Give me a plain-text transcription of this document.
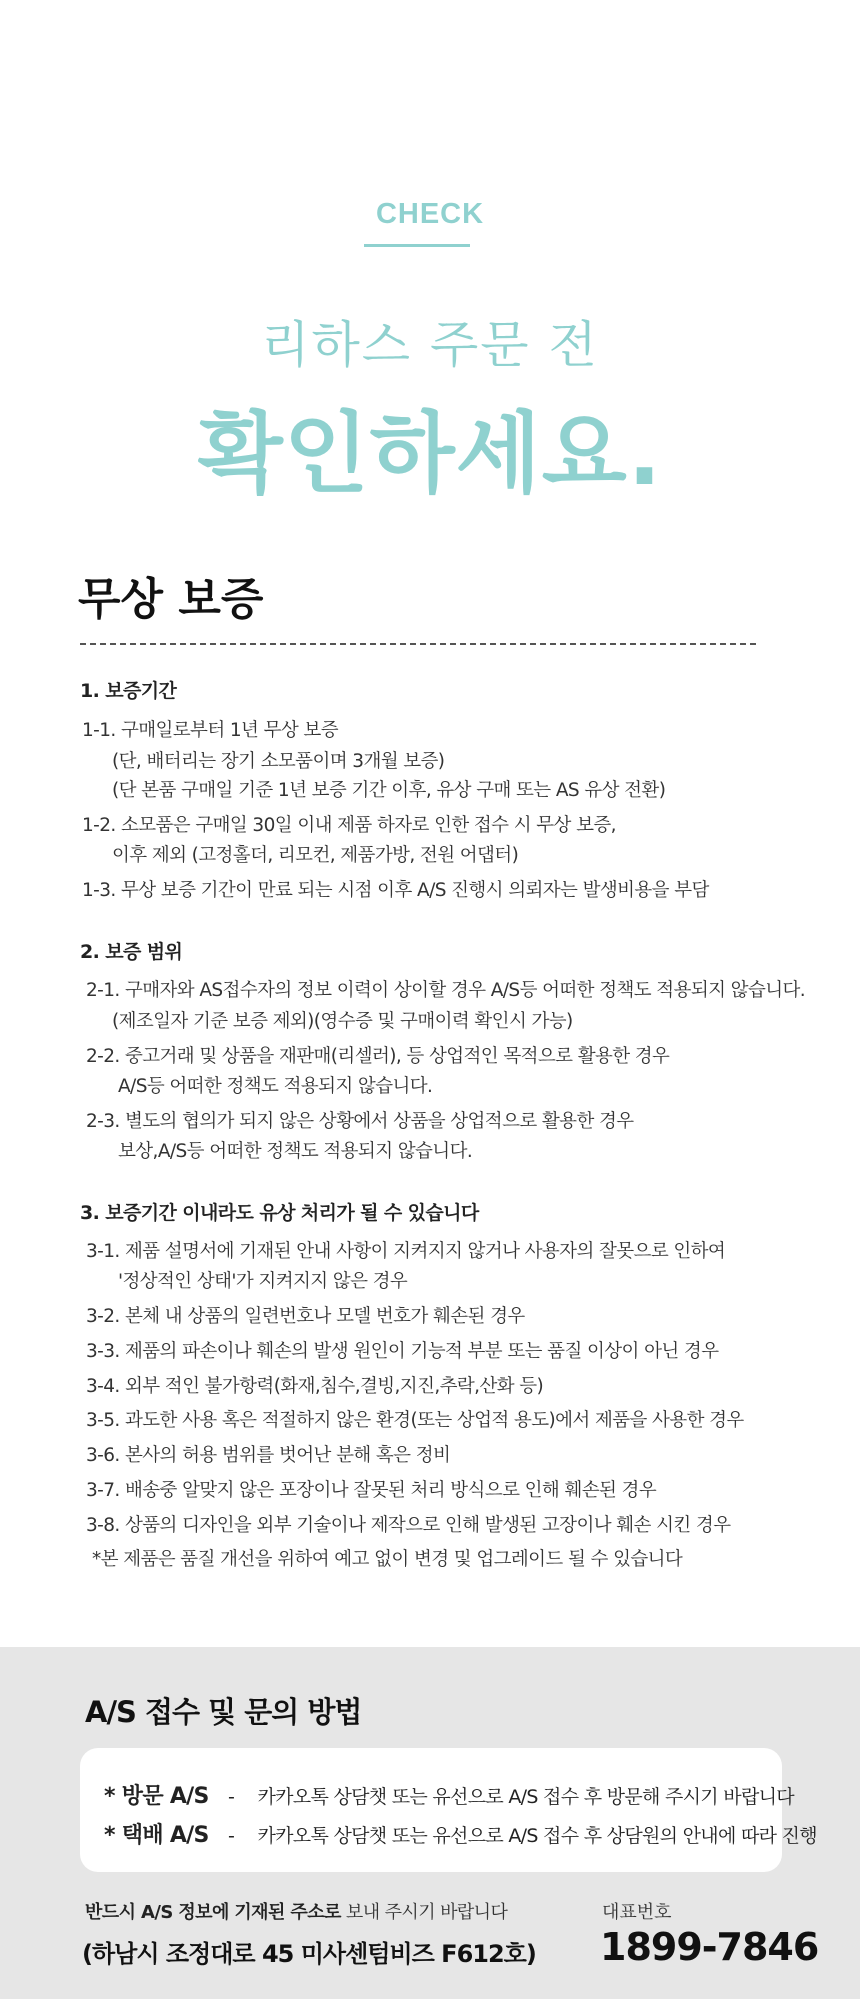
CHECK
리하스 주문 전
확인하세요.
무상 보증
1. 보증기간
1-1. 구매일로부터 1년 무상 보증
(단, 배터리는 장기 소모품이며 3개월 보증)
(단 본품 구매일 기준 1년 보증 기간 이후, 유상 구매 또는 AS 유상 전환)
1-2. 소모품은 구매일 30일 이내 제품 하자로 인한 접수 시 무상 보증,
이후 제외 (고정홀더, 리모컨, 제품가방, 전원 어댑터)
1-3. 무상 보증 기간이 만료 되는 시점 이후 A/S 진행시 의뢰자는 발생비용을 부담
2. 보증 범위
2-1. 구매자와 AS접수자의 정보 이력이 상이할 경우 A/S등 어떠한 정책도 적용되지 않습니다.
(제조일자 기준 보증 제외)(영수증 및 구매이력 확인시 가능)
2-2. 중고거래 및 상품을 재판매(리셀러), 등 상업적인 목적으로 활용한 경우
A/S등 어떠한 정책도 적용되지 않습니다.
2-3. 별도의 협의가 되지 않은 상황에서 상품을 상업적으로 활용한 경우
보상,A/S등 어떠한 정책도 적용되지 않습니다.
3. 보증기간 이내라도 유상 처리가 될 수 있습니다
3-1. 제품 설명서에 기재된 안내 사항이 지켜지지 않거나 사용자의 잘못으로 인하여
'정상적인 상태'가 지켜지지 않은 경우
3-2. 본체 내 상품의 일련번호나 모델 번호가 훼손된 경우
3-3. 제품의 파손이나 훼손의 발생 원인이 기능적 부분 또는 품질 이상이 아닌 경우
3-4. 외부 적인 불가항력(화재,침수,결빙,지진,추락,산화 등)
3-5. 과도한 사용 혹은 적절하지 않은 환경(또는 상업적 용도)에서 제품을 사용한 경우
3-6. 본사의 허용 범위를 벗어난 분해 혹은 정비
3-7. 배송중 알맞지 않은 포장이나 잘못된 처리 방식으로 인해 훼손된 경우
3-8. 상품의 디자인을 외부 기술이나 제작으로 인해 발생된 고장이나 훼손 시킨 경우
*본 제품은 품질 개선을 위하여 예고 없이 변경 및 업그레이드 될 수 있습니다
A/S 접수 및 문의 방법
* 방문 A/S - 카카오톡 상담챗 또는 유선으로 A/S 접수 후 방문해 주시기 바랍니다
* 택배 A/S - 카카오톡 상담챗 또는 유선으로 A/S 접수 후 상담원의 안내에 따라 진행
반드시 A/S 정보에 기재된 주소로 보내 주시기 바랍니다
(하남시 조정대로 45 미사센텀비즈 F612호)
대표번호
1899-7846
